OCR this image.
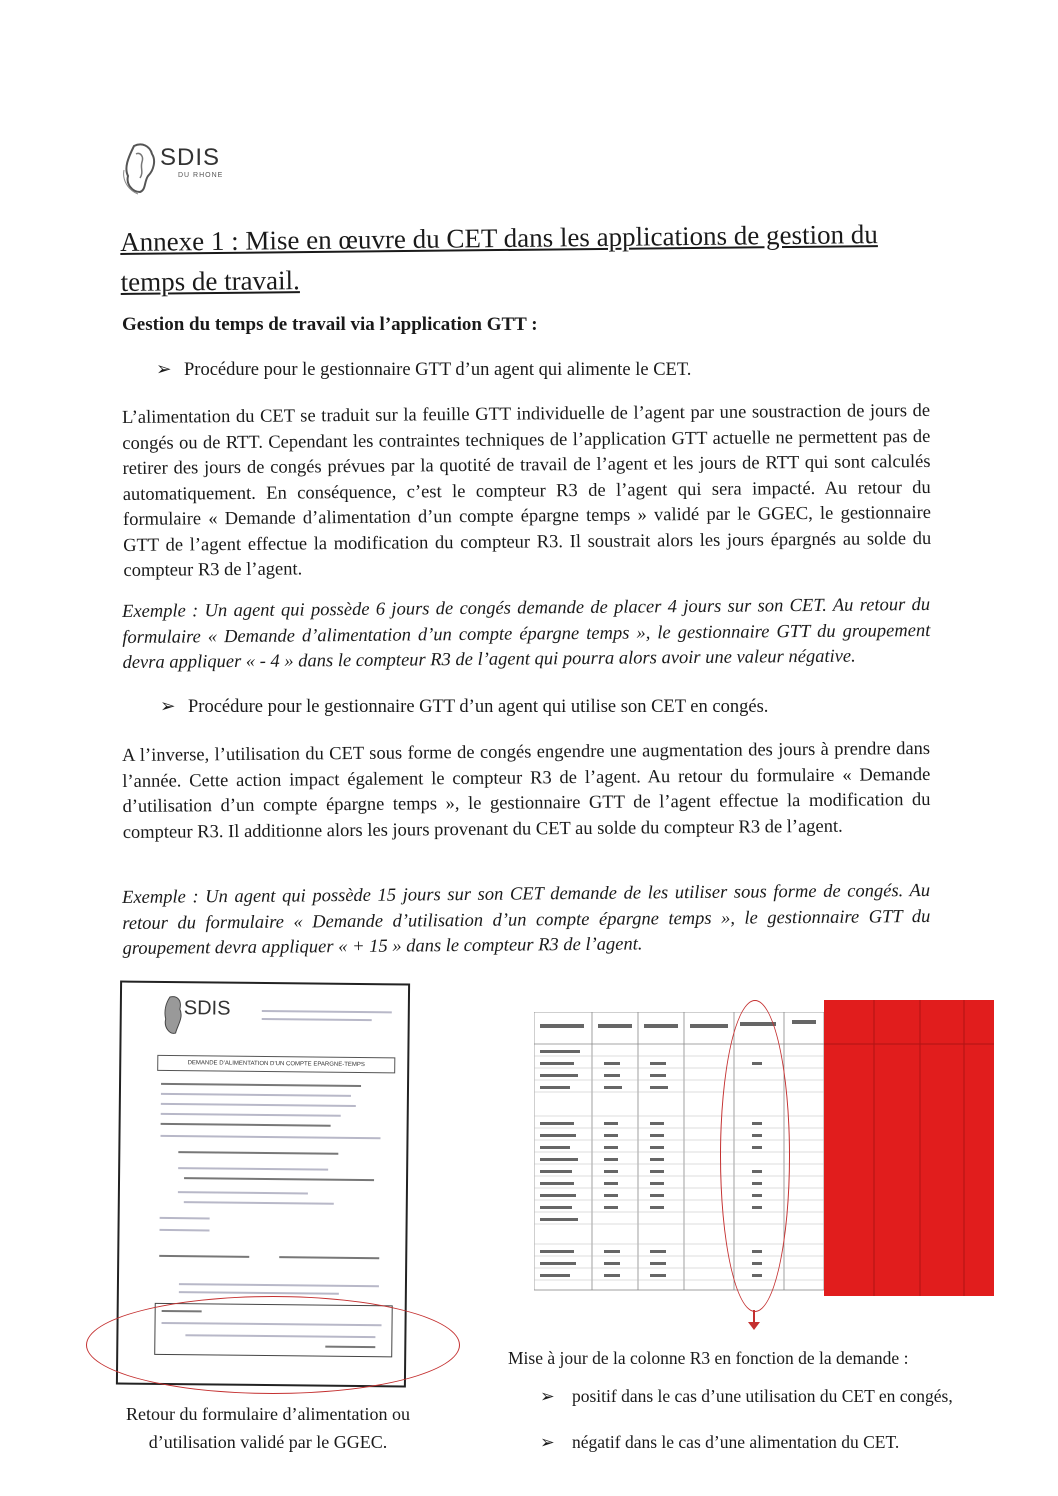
SDIS
DU RHONE
Annexe 1 : Mise en œuvre du CET dans les applications de gestion du temps de travail.
Gestion du temps de travail via l’application GTT :
➢ Procédure pour le gestionnaire GTT d’un agent qui alimente le CET.
L’alimentation du CET se traduit sur la feuille GTT individuelle de l’agent par une soustraction de jours de congés ou de RTT. Cependant les contraintes techniques de l’application GTT actuelle ne permettent pas de retirer des jours de congés prévues par la quotité de travail de l’agent et les jours de RTT qui sont calculés automatiquement. En conséquence, c’est le compteur R3 de l’agent qui sera impacté. Au retour du formulaire « Demande d’alimentation d’un compte épargne temps » validé par le GGEC, le gestionnaire GTT de l’agent effectue la modification du compteur R3. Il soustrait alors les jours épargnés au solde du compteur R3 de l’agent.
Exemple : Un agent qui possède 6 jours de congés demande de placer 4 jours sur son CET. Au retour du formulaire « Demande d’alimentation d’un compte épargne temps », le gestionnaire GTT du groupement devra appliquer « - 4 » dans le compteur R3 de l’agent qui pourra alors avoir une valeur négative.
➢ Procédure pour le gestionnaire GTT d’un agent qui utilise son CET en congés.
A l’inverse, l’utilisation du CET sous forme de congés engendre une augmentation des jours à prendre dans l’année. Cette action impact également le compteur R3 de l’agent. Au retour du formulaire « Demande d’utilisation d’un compte épargne temps », le gestionnaire GTT de l’agent effectue la modification du compteur R3. Il additionne alors les jours provenant du CET au solde du compteur R3 de l’agent.
Exemple : Un agent qui possède 15 jours sur son CET demande de les utiliser sous forme de congés. Au retour du formulaire « Demande d’utilisation d’un compte épargne temps », le gestionnaire GTT du groupement devra appliquer « + 15 » dans le compteur R3 de l’agent.
SDIS
DEMANDE D’ALIMENTATION D’UN COMPTE EPARGNE-TEMPS
Retour du formulaire d’alimentation ou d’utilisation validé par le GGEC.
Mise à jour de la colonne R3 en fonction de la demande :
➢ positif dans le cas d’une utilisation du CET en congés,
➢ négatif dans le cas d’une alimentation du CET.
